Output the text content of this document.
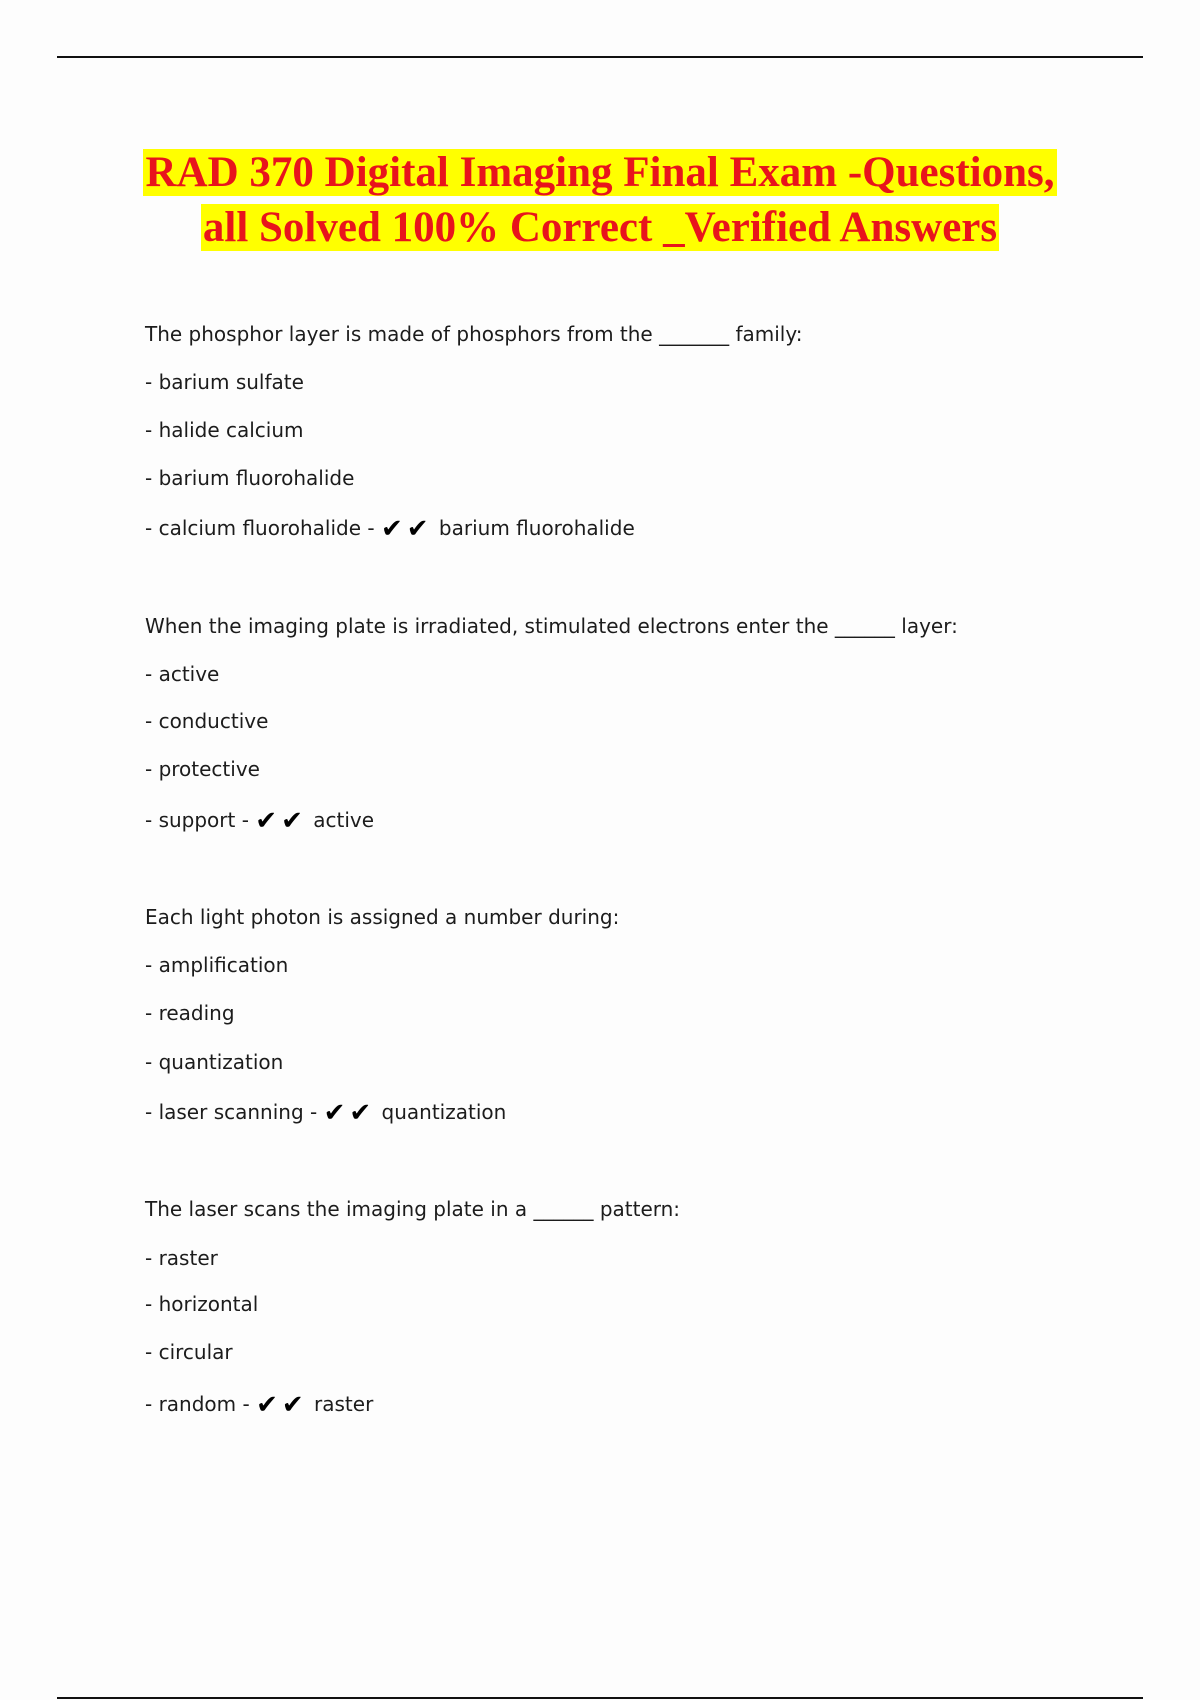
RAD 370 Digital Imaging Final Exam -Questions,
all Solved 100% Correct _Verified Answers
The phosphor layer is made of phosphors from the _______ family:
- barium sulfate
- halide calcium
- barium fluorohalide
- calcium fluorohalide - ✔ ✔ barium fluorohalide
When the imaging plate is irradiated, stimulated electrons enter the ______ layer:
- active
- conductive
- protective
- support - ✔ ✔ active
Each light photon is assigned a number during:
- amplification
- reading
- quantization
- laser scanning - ✔ ✔ quantization
The laser scans the imaging plate in a ______ pattern:
- raster
- horizontal
- circular
- random - ✔ ✔ raster
